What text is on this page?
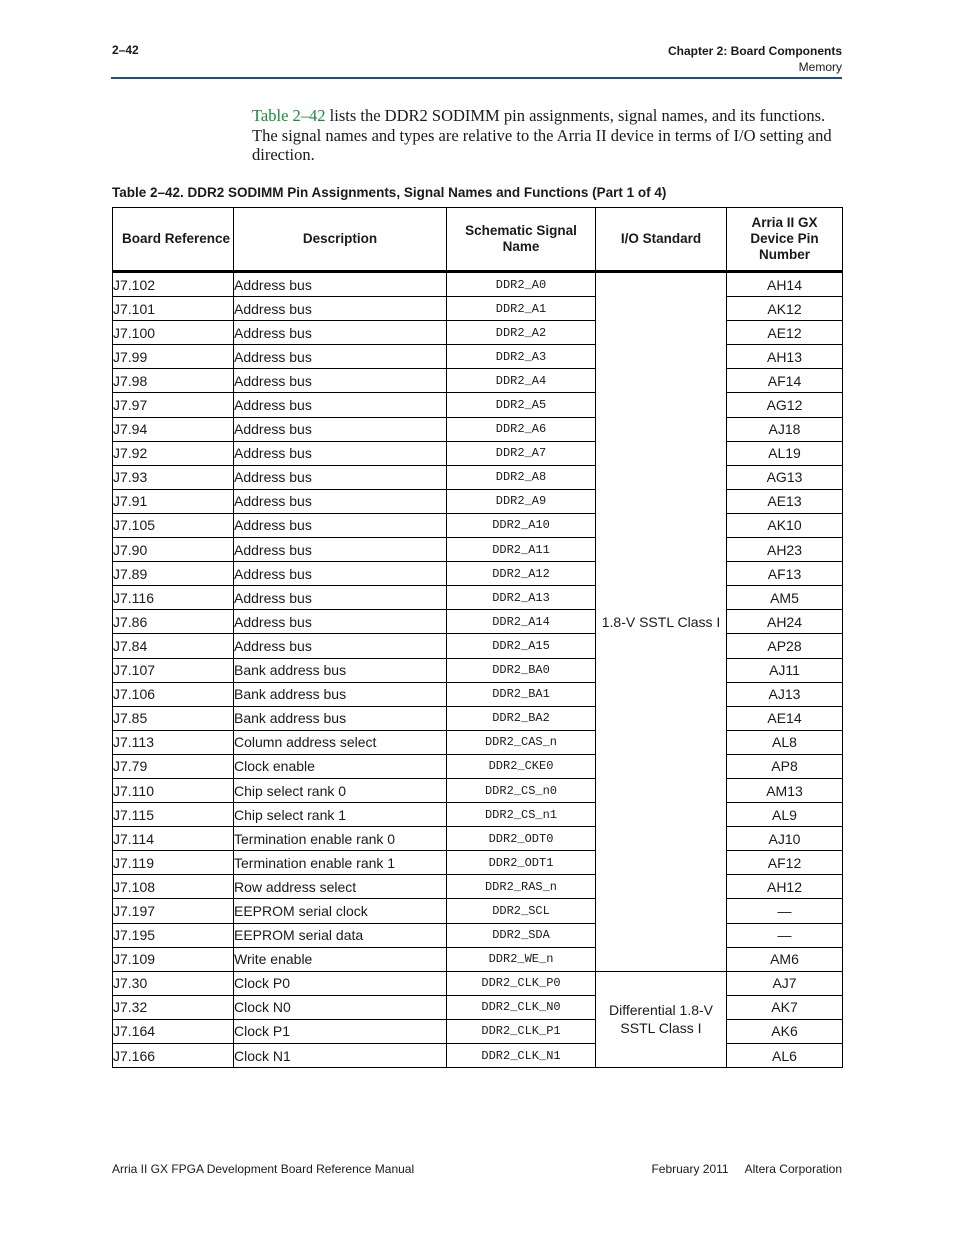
2–42	Chapter 2: Board Components
Memory
Table 2–42 lists the DDR2 SODIMM pin assignments, signal names, and its functions. The signal names and types are relative to the Arria II device in terms of I/O setting and direction.
Table 2–42. DDR2 SODIMM Pin Assignments, Signal Names and Functions (Part 1 of 4)
Board Reference	Description	Schematic Signal Name	I/O Standard	Arria II GX Device Pin Number

J7.102	Address bus	DDR2_A0	1.8-V SSTL Class I	AH14
J7.101	Address bus	DDR2_A1		AK12
J7.100	Address bus	DDR2_A2		AE12
J7.99	Address bus	DDR2_A3		AH13
J7.98	Address bus	DDR2_A4		AF14
J7.97	Address bus	DDR2_A5		AG12
J7.94	Address bus	DDR2_A6		AJ18
J7.92	Address bus	DDR2_A7		AL19
J7.93	Address bus	DDR2_A8		AG13
J7.91	Address bus	DDR2_A9		AE13
J7.105	Address bus	DDR2_A10		AK10
J7.90	Address bus	DDR2_A11		AH23
J7.89	Address bus	DDR2_A12		AF13
J7.116	Address bus	DDR2_A13		AM5
J7.86	Address bus	DDR2_A14		AH24
J7.84	Address bus	DDR2_A15		AP28
J7.107	Bank address bus	DDR2_BA0		AJ11
J7.106	Bank address bus	DDR2_BA1		AJ13
J7.85	Bank address bus	DDR2_BA2		AE14
J7.113	Column address select	DDR2_CAS_n		AL8
J7.79	Clock enable	DDR2_CKE0		AP8
J7.110	Chip select rank 0	DDR2_CS_n0		AM13
J7.115	Chip select rank 1	DDR2_CS_n1		AL9
J7.114	Termination enable rank 0	DDR2_ODT0		AJ10
J7.119	Termination enable rank 1	DDR2_ODT1		AF12
J7.108	Row address select	DDR2_RAS_n		AH12
J7.197	EEPROM serial clock	DDR2_SCL		—
J7.195	EEPROM serial data	DDR2_SDA		—
J7.109	Write enable	DDR2_WE_n		AM6
J7.30	Clock P0	DDR2_CLK_P0	Differential 1.8-V SSTL Class I	AJ7
J7.32	Clock N0	DDR2_CLK_N0		AK7
J7.164	Clock P1	DDR2_CLK_P1		AK6
J7.166	Clock N1	DDR2_CLK_N1		AL6
Arria II GX FPGA Development Board Reference Manual	February 2011 Altera Corporation
